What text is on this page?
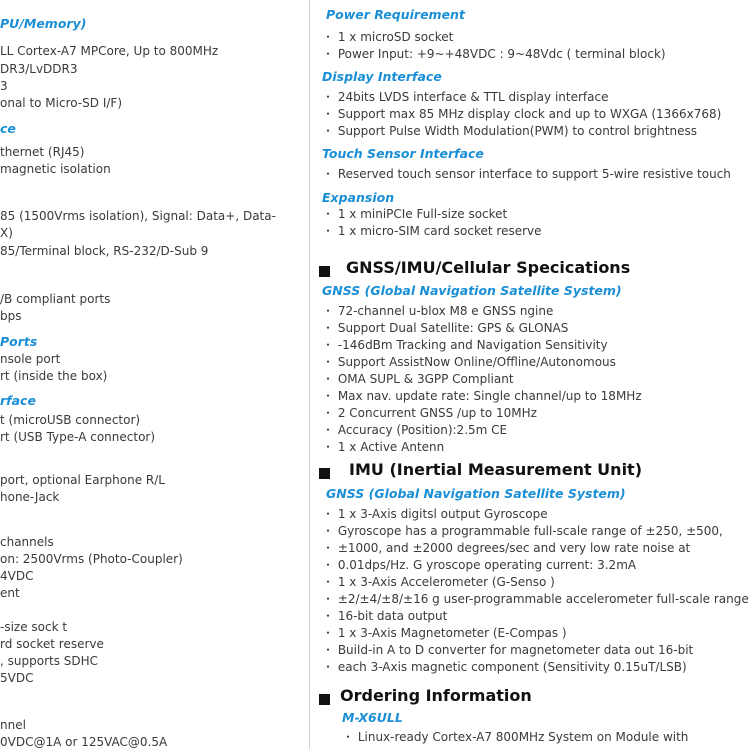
PU/Memory)
LL Cortex-A7 MPCore, Up to 800MHz
DR3/LvDDR3
3
onal to Micro-SD I/F)
ce
thernet (RJ45)
magnetic isolation
85 (1500Vrms isolation), Signal: Data+, Data-
X)
85/Terminal block, RS-232/D-Sub 9
/B compliant ports
bps
Ports
nsole port
rt (inside the box)
rface
t (microUSB connector)
rt (USB Type-A connector)
port, optional Earphone R/L
hone-Jack
channels
on: 2500Vrms (Photo-Coupler)
4VDC
ent
-size sock t
rd socket reserve
, supports SDHC
5VDC
nnel
0VDC@1A or 125VAC@0.5A
Power Requirement
・ 1 x microSD socket
・ Power Input: +9~+48VDC : 9~48Vdc ( terminal block)
Display Interface
・ 24bits LVDS interface & TTL display interface
・ Support max 85 MHz display clock and up to WXGA (1366x768)
・ Support Pulse Width Modulation(PWM) to control brightness
Touch Sensor Interface
・ Reserved touch sensor interface to support 5-wire resistive touch
Expansion
・ 1 x miniPCIe Full-size socket
・ 1 x micro-SIM card socket reserve
GNSS/IMU/Cellular Specications
GNSS (Global Navigation Satellite System)
・ 72-channel u-blox M8 e GNSS ngine
・ Support Dual Satellite: GPS & GLONAS
・ -146dBm Tracking and Navigation Sensitivity
・ Support AssistNow Online/Offline/Autonomous
・ OMA SUPL & 3GPP Compliant
・ Max nav. update rate: Single channel/up to 18MHz
・ 2 Concurrent GNSS /up to 10MHz
・ Accuracy (Position):2.5m CE
・ 1 x Active Antenn
IMU (Inertial Measurement Unit)
GNSS (Global Navigation Satellite System)
・ 1 x 3-Axis digitsl output Gyroscope
・ Gyroscope has a programmable full-scale range of ±250, ±500,
・ ±1000, and ±2000 degrees/sec and very low rate noise at
・ 0.01dps/Hz. G yroscope operating current: 3.2mA
・ 1 x 3-Axis Accelerometer (G-Senso )
・ ±2/±4/±8/±16 g user-programmable accelerometer full-scale range
・ 16-bit data output
・ 1 x 3-Axis Magnetometer (E-Compas )
・ Build-in A to D converter for magnetometer data out 16-bit
・ each 3-Axis magnetic component (Sensitivity 0.15uT/LSB)
Ordering Information
M-X6ULL
・ Linux-ready Cortex-A7 800MHz System on Module with
